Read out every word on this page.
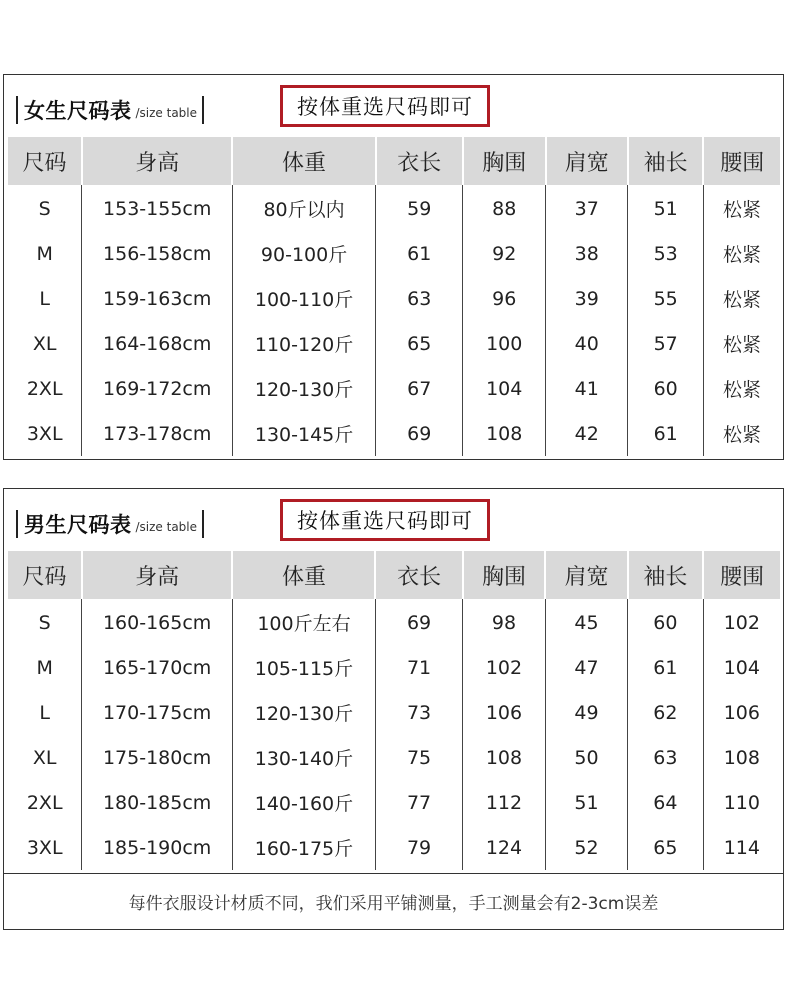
女生尺码表 /size table	按体重选尺码即可
尺码	身高	体重	衣长	胸围	肩宽	袖长	腰围
S	153-155cm	80斤以内	59	88	37	51	松紧
M	156-158cm	90-100斤	61	92	38	53	松紧
L	159-163cm	100-110斤	63	96	39	55	松紧
XL	164-168cm	110-120斤	65	100	40	57	松紧
2XL	169-172cm	120-130斤	67	104	41	60	松紧
3XL	173-178cm	130-145斤	69	108	42	61	松紧
男生尺码表 /size table	按体重选尺码即可
尺码	身高	体重	衣长	胸围	肩宽	袖长	腰围
S	160-165cm	100斤左右	69	98	45	60	102
M	165-170cm	105-115斤	71	102	47	61	104
L	170-175cm	120-130斤	73	106	49	62	106
XL	175-180cm	130-140斤	75	108	50	63	108
2XL	180-185cm	140-160斤	77	112	51	64	110
3XL	185-190cm	160-175斤	79	124	52	65	114
每件衣服设计材质不同，我们采用平铺测量，手工测量会有2-3cm误差
